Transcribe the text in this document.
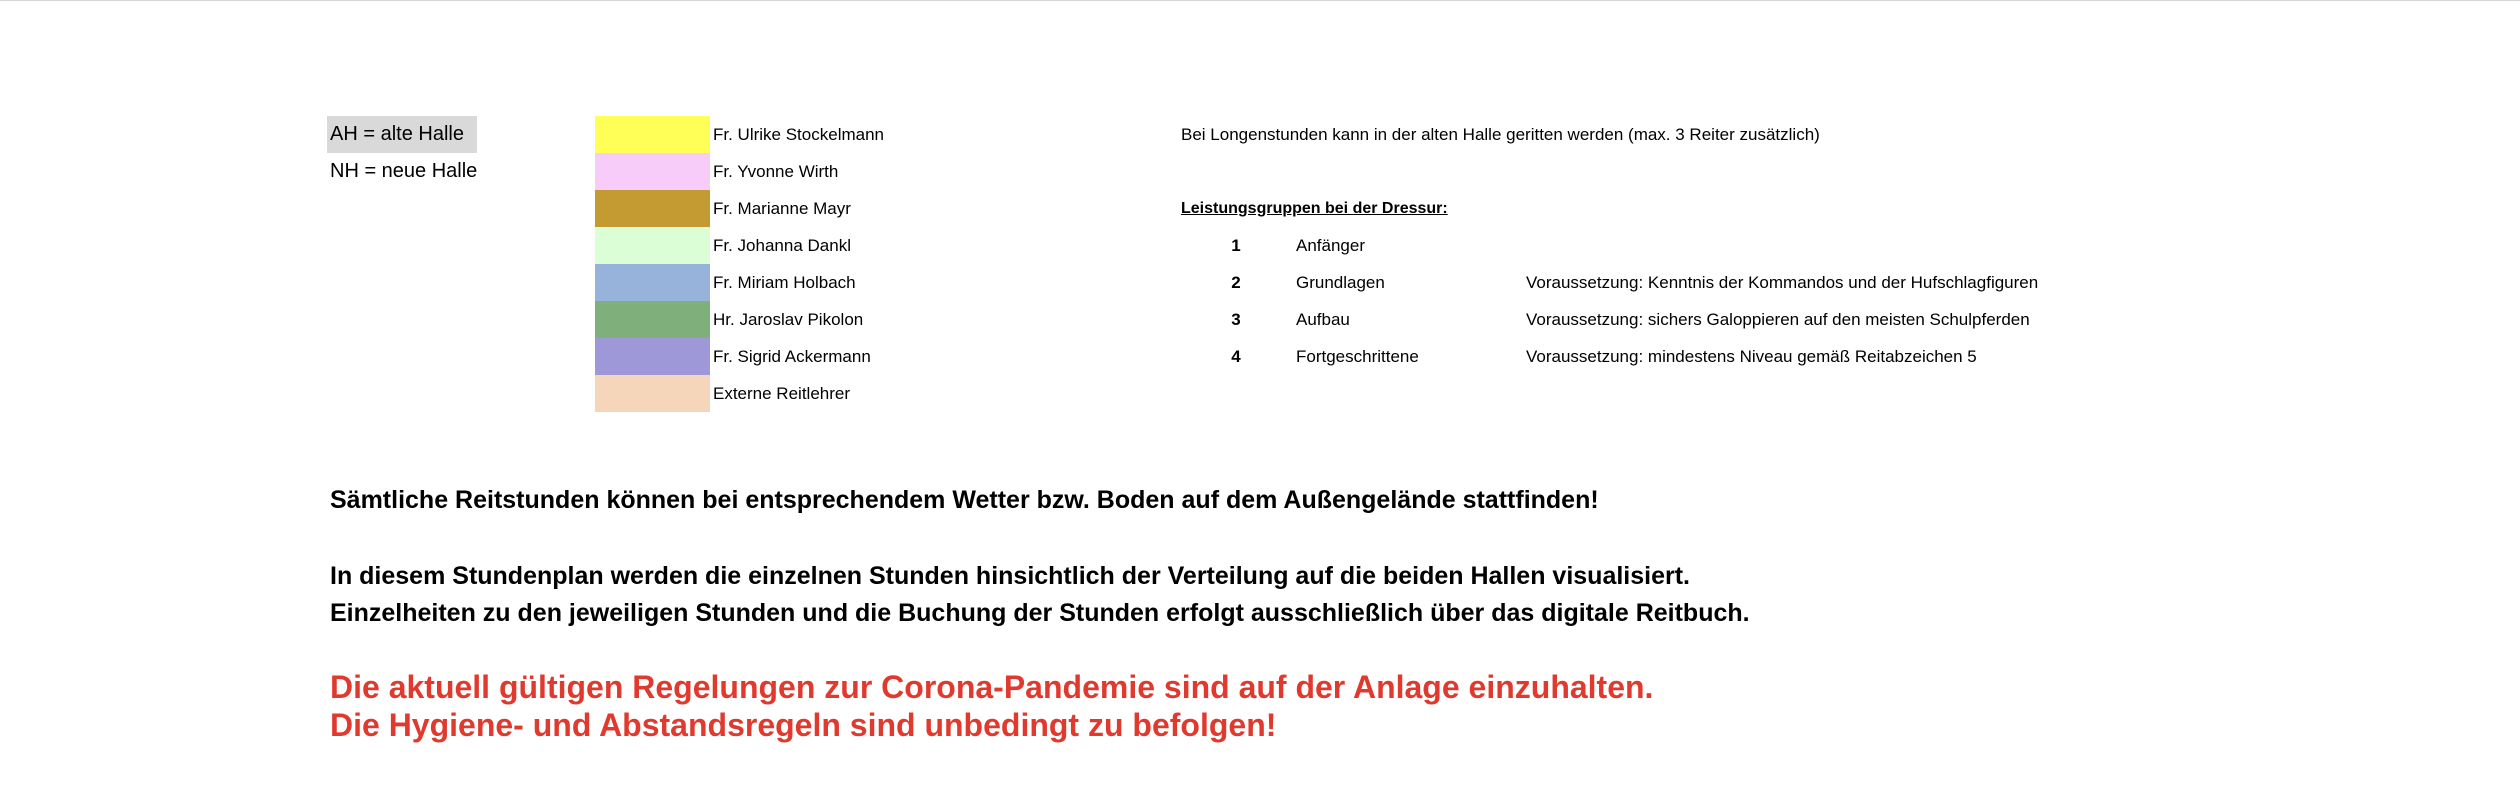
AH = alte Halle
NH = neue Halle
Fr. Ulrike Stockelmann
Fr. Yvonne Wirth
Fr. Marianne Mayr
Fr. Johanna Dankl
Fr. Miriam Holbach
Hr. Jaroslav Pikolon
Fr. Sigrid Ackermann
Externe Reitlehrer
Bei Longenstunden kann in der alten Halle geritten werden (max. 3 Reiter zusätzlich)
Leistungsgruppen bei der Dressur:
1	Anfänger
2	Grundlagen	Voraussetzung: Kenntnis der Kommandos und der Hufschlagfiguren
3	Aufbau	Voraussetzung: sichers Galoppieren auf den meisten Schulpferden
4	Fortgeschrittene	Voraussetzung: mindestens Niveau gemäß Reitabzeichen 5
Sämtliche Reitstunden können bei entsprechendem Wetter bzw. Boden auf dem Außengelände stattfinden!
In diesem Stundenplan werden die einzelnen Stunden hinsichtlich der Verteilung auf die beiden Hallen visualisiert.
Einzelheiten zu den jeweiligen Stunden und die Buchung der Stunden erfolgt ausschließlich über das digitale Reitbuch.
Die aktuell gültigen Regelungen zur Corona-Pandemie sind auf der Anlage einzuhalten.
Die Hygiene- und Abstandsregeln sind unbedingt zu befolgen!
